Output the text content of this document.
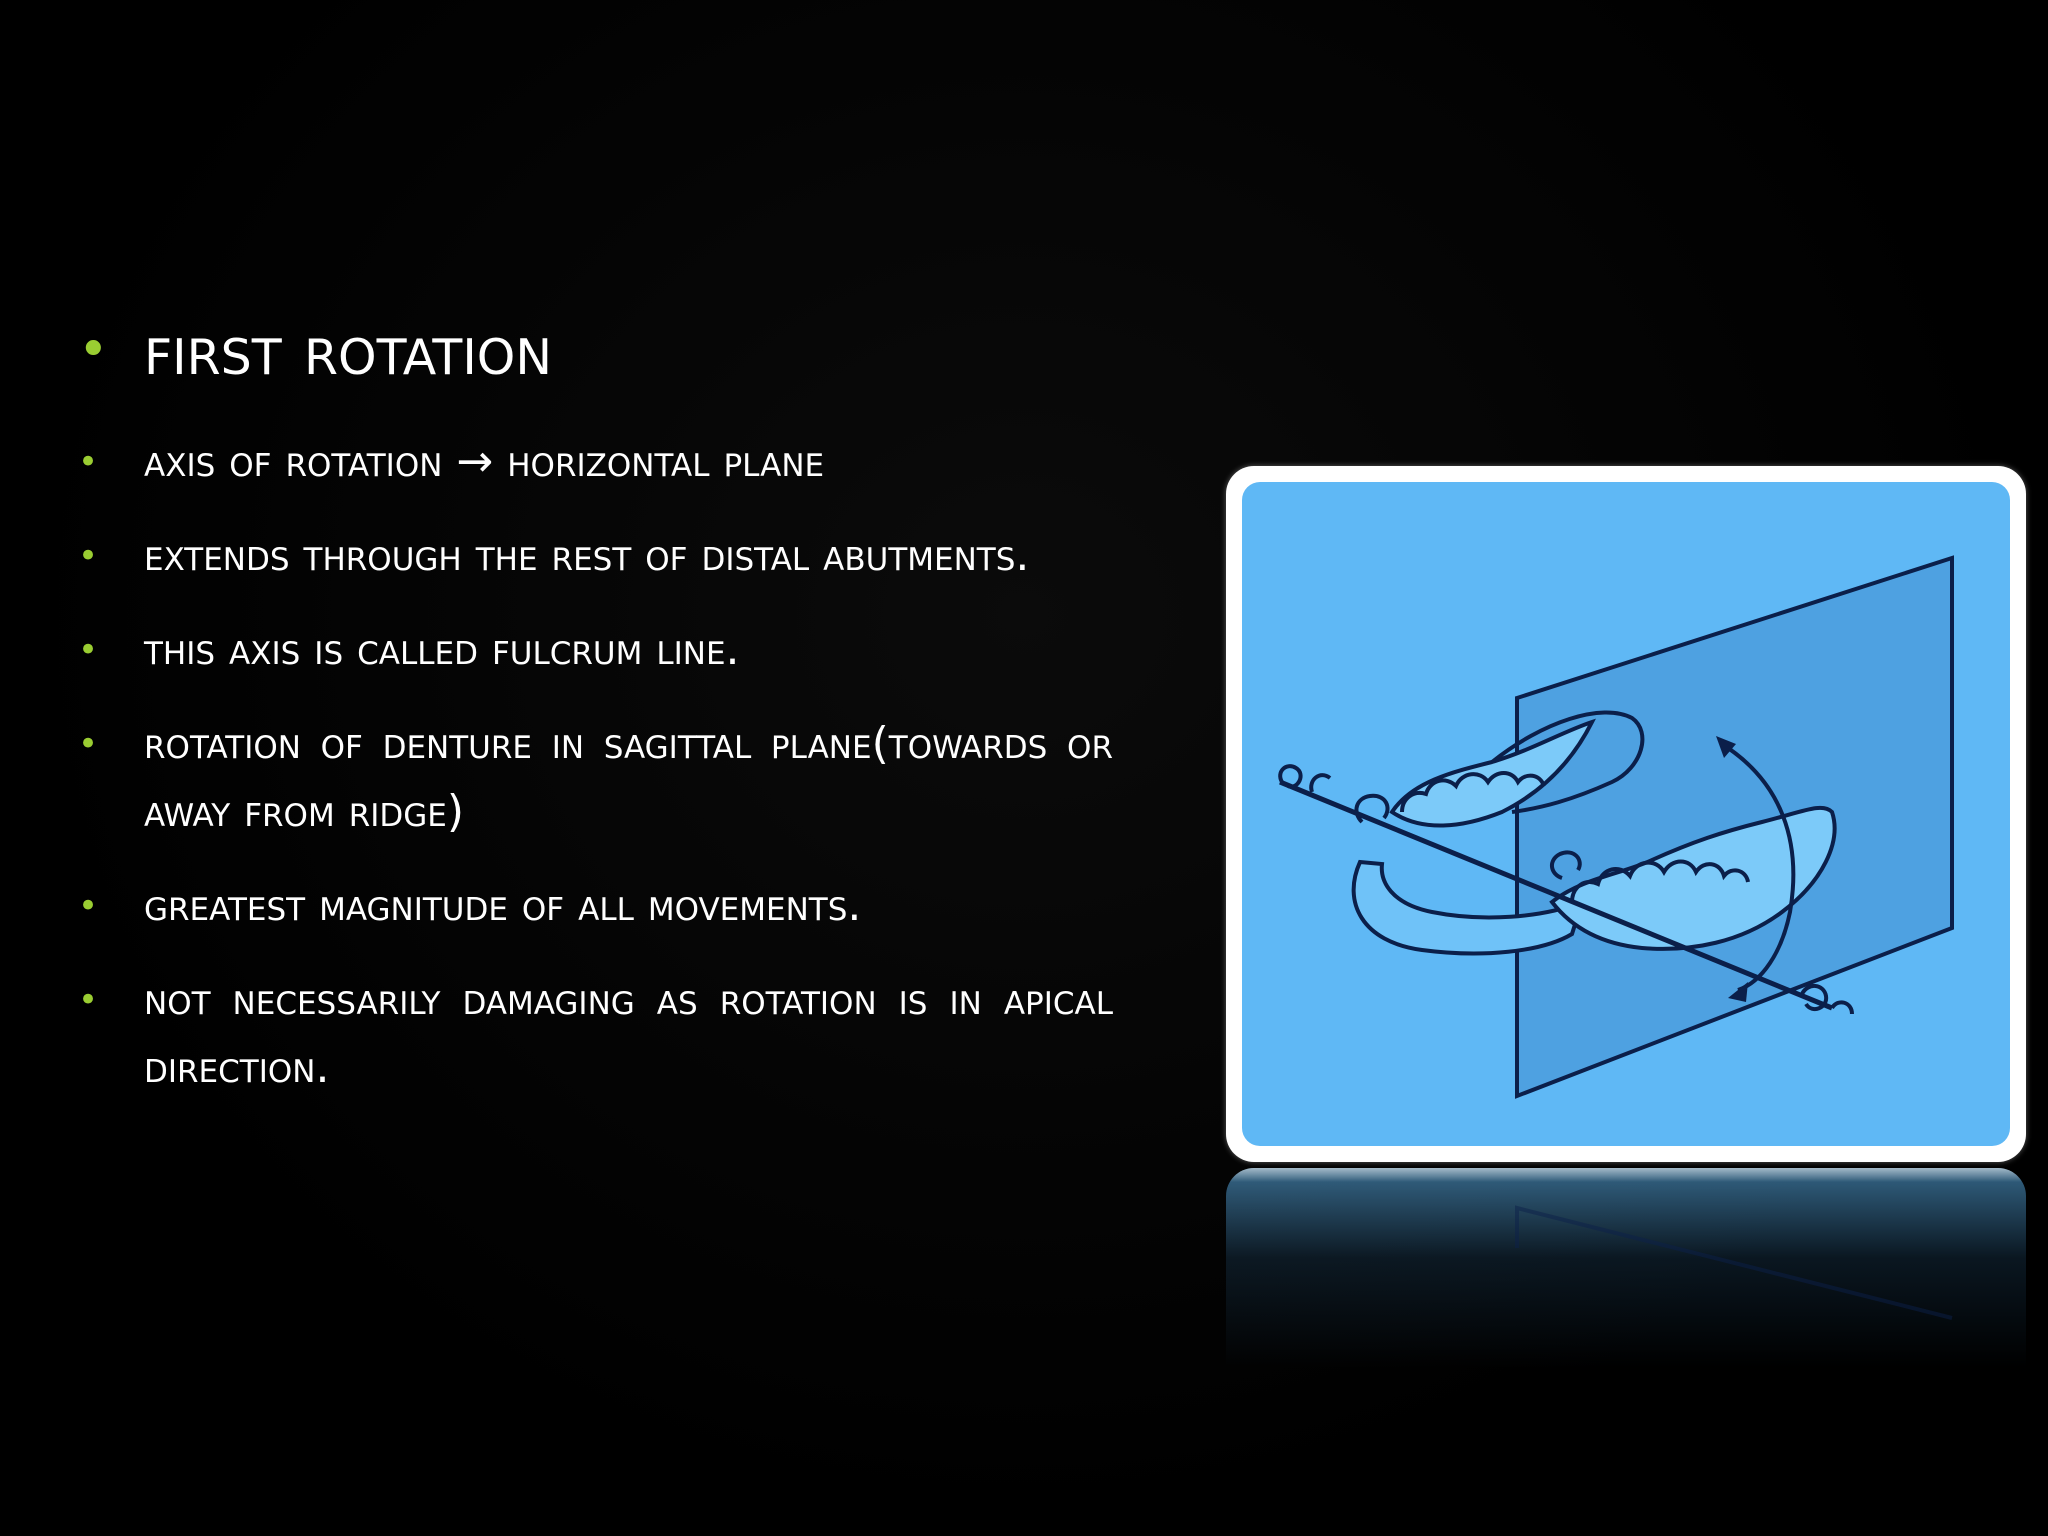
• first rotation
• axis of rotation → horizontal plane
• extends through the rest of distal abutments.
• this axis is called fulcrum line.
• rotation of denture in sagittal plane(towards or away from ridge)
• greatest magnitude of all movements.
• not necessarily damaging as rotation is in apical direction.
